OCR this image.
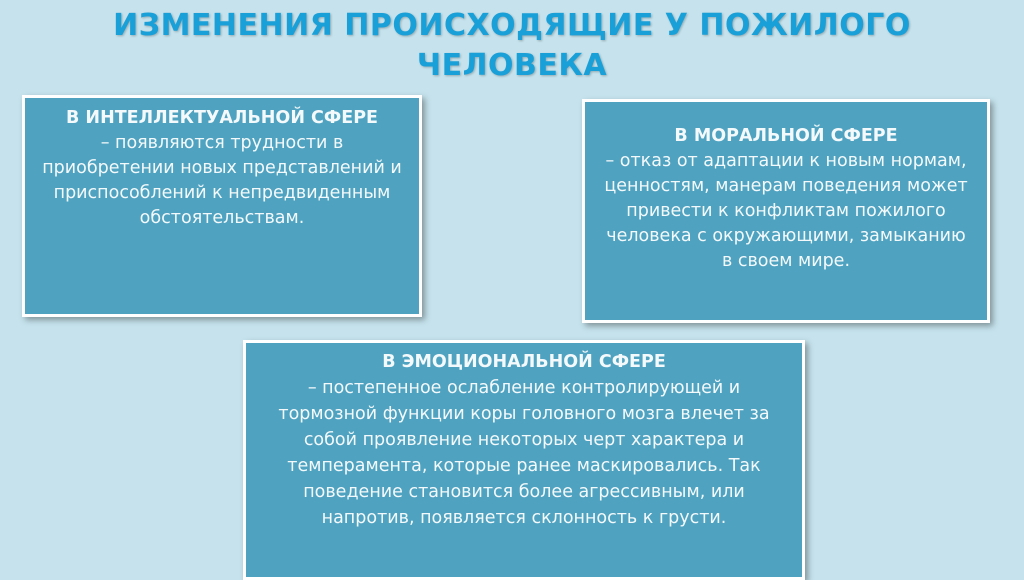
ИЗМЕНЕНИЯ ПРОИСХОДЯЩИЕ У ПОЖИЛОГО
ЧЕЛОВЕКА
В ИНТЕЛЛЕКТУАЛЬНОЙ СФЕРЕ
– появляются трудности в приобретении новых представлений и приспособлений к непредвиденным обстоятельствам.
В МОРАЛЬНОЙ СФЕРЕ
– отказ от адаптации к новым нормам, ценностям, манерам поведения может привести к конфликтам пожилого человека с окружающими, замыканию в своем мире.
В ЭМОЦИОНАЛЬНОЙ СФЕРЕ
– постепенное ослабление контролирующей и тормозной функции коры головного мозга влечет за собой проявление некоторых черт характера и темперамента, которые ранее маскировались. Так поведение становится более агрессивным, или напротив, появляется склонность к грусти.
